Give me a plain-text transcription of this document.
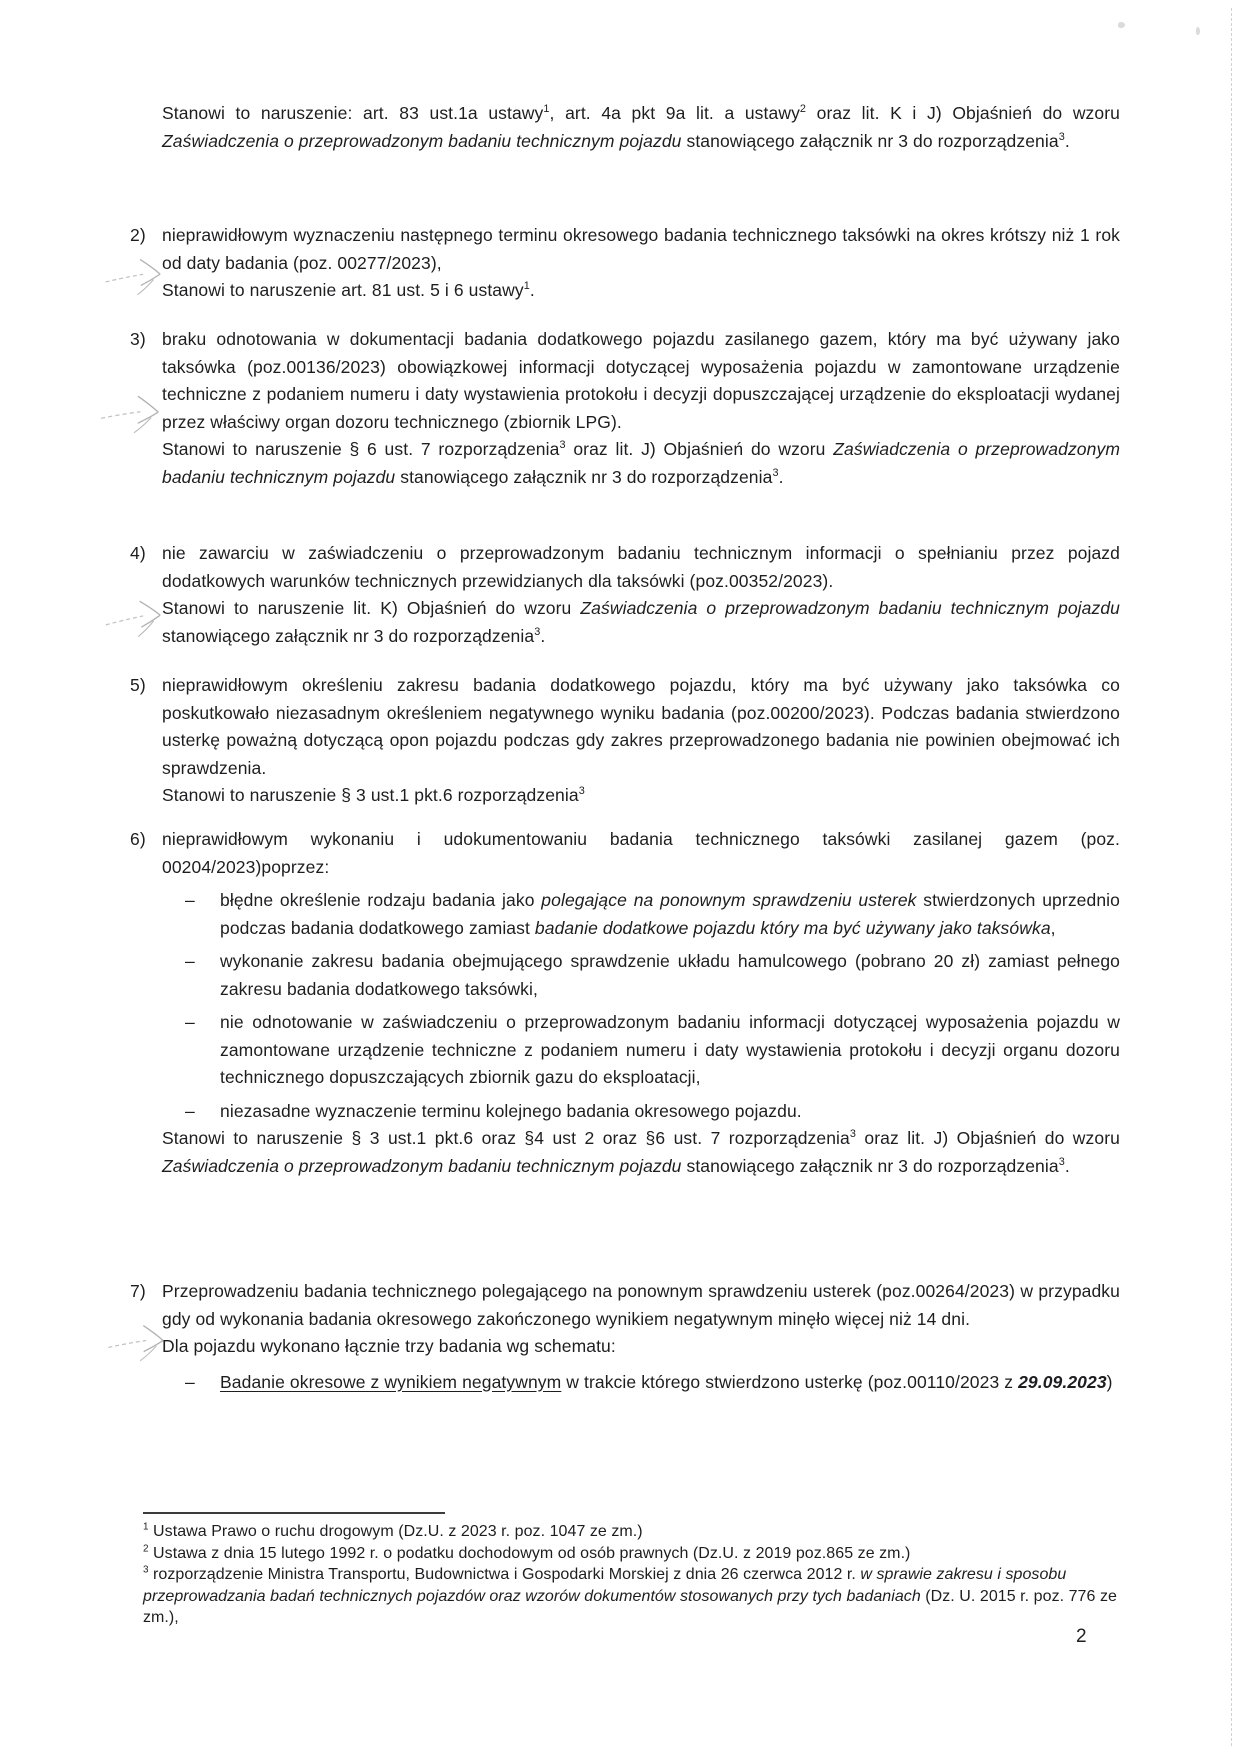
Stanowi to naruszenie: art. 83 ust.1a ustawy$^1$, art. 4a pkt 9a lit. a ustawy$^2$ oraz lit. K i J) Objaśnień do wzoru Zaświadczenia o przeprowadzonym badaniu technicznym pojazdu stanowiącego załącznik nr 3 do rozporządzenia$^3$.

2) nieprawidłowym wyznaczeniu następnego terminu okresowego badania technicznego taksówki na okres krótszy niż 1 rok od daty badania (poz. 00277/2023),

Stanowi to naruszenie art. 81 ust. 5 i 6 ustawy$^1$.

3) braku odnotowania w dokumentacji badania dodatkowego pojazdu zasilanego gazem, który ma być używany jako taksówka (poz.00136/2023) obowiązkowej informacji dotyczącej wyposażenia pojazdu w zamontowane urządzenie techniczne z podaniem numeru i daty wystawienia protokołu i decyzji dopuszczającej urządzenie do eksploatacji wydanej przez właściwy organ dozoru technicznego (zbiornik LPG).

Stanowi to naruszenie § 6 ust. 7 rozporządzenia$^3$ oraz lit. J) Objaśnień do wzoru Zaświadczenia o przeprowadzonym badaniu technicznym pojazdu stanowiącego załącznik nr 3 do rozporządzenia$^3$.

4) nie zawarciu w zaświadczeniu o przeprowadzonym badaniu technicznym informacji o spełnianiu przez pojazd dodatkowych warunków technicznych przewidzianych dla taksówki (poz.00352/2023).

Stanowi to naruszenie lit. K) Objaśnień do wzoru Zaświadczenia o przeprowadzonym badaniu technicznym pojazdu stanowiącego załącznik nr 3 do rozporządzenia$^3$.

5) nieprawidłowym określeniu zakresu badania dodatkowego pojazdu, który ma być używany jako taksówka co poskutkowało niezasadnym określeniem negatywnego wyniku badania (poz.00200/2023). Podczas badania stwierdzono usterkę poważną dotyczącą opon pojazdu podczas gdy zakres przeprowadzonego badania nie powinien obejmować ich sprawdzenia.

Stanowi to naruszenie § 3 ust.1 pkt.6 rozporządzenia$^3$

6) nieprawidłowym wykonaniu i udokumentowaniu badania technicznego taksówki zasilanej gazem (poz. 00204/2023)poprzez:

–	błędne określenie rodzaju badania jako polegające na ponownym sprawdzeniu usterek stwierdzonych uprzednio podczas badania dodatkowego zamiast badanie dodatkowe pojazdu który ma być używany jako taksówka,

–	wykonanie zakresu badania obejmującego sprawdzenie układu hamulcowego (pobrano 20 zł) zamiast pełnego zakresu badania dodatkowego taksówki,

–	nie odnotowanie w zaświadczeniu o przeprowadzonym badaniu informacji dotyczącej wyposażenia pojazdu w zamontowane urządzenie techniczne z podaniem numeru i daty wystawienia protokołu i decyzji organu dozoru technicznego dopuszczających zbiornik gazu do eksploatacji,

–	niezasadne wyznaczenie terminu kolejnego badania okresowego pojazdu.

Stanowi to naruszenie § 3 ust.1 pkt.6 oraz §4 ust 2 oraz §6 ust. 7 rozporządzenia$^3$ oraz lit. J) Objaśnień do wzoru Zaświadczenia o przeprowadzonym badaniu technicznym pojazdu stanowiącego załącznik nr 3 do rozporządzenia$^3$.

7) Przeprowadzeniu badania technicznego polegającego na ponownym sprawdzeniu usterek (poz.00264/2023) w przypadku gdy od wykonania badania okresowego zakończonego wynikiem negatywnym minęło więcej niż 14 dni.

Dla pojazdu wykonano łącznie trzy badania wg schematu:

–	Badanie okresowe z wynikiem negatywnym w trakcie którego stwierdzono usterkę (poz.00110/2023 z 29.09.2023)

$^1$ Ustawa Prawo o ruchu drogowym (Dz.U. z 2023 r. poz. 1047 ze zm.)

$^2$ Ustawa z dnia 15 lutego 1992 r. o podatku dochodowym od osób prawnych (Dz.U. z 2019 poz.865 ze zm.)

$^3$ rozporządzenie Ministra Transportu, Budownictwa i Gospodarki Morskiej z dnia 26 czerwca 2012 r. w sprawie zakresu i sposobu przeprowadzania badań technicznych pojazdów oraz wzorów dokumentów stosowanych przy tych badaniach (Dz. U. 2015 r. poz. 776 ze zm.),

2
